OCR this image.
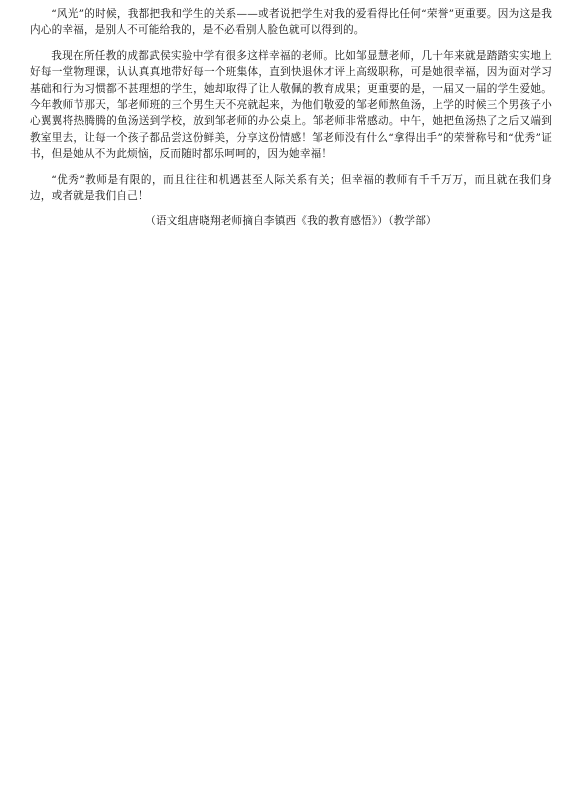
“风光”的时候，我都把我和学生的关系——或者说把学生对我的爱看得比任何“荣誉”更重要。因为这是我内心的幸福，是别人不可能给我的，是不必看别人脸色就可以得到的。

我现在所任教的成都武侯实验中学有很多这样幸福的老师。比如邹显慧老师，几十年来就是踏踏实实地上好每一堂物理课，认认真真地带好每一个班集体，直到快退休才评上高级职称，可是她很幸福，因为面对学习基础和行为习惯都不甚理想的学生，她却取得了让人敬佩的教育成果；更重要的是，一届又一届的学生爱她。今年教师节那天，邹老师班的三个男生天不亮就起来，为他们敬爱的邹老师熬鱼汤，上学的时候三个男孩子小心翼翼将热腾腾的鱼汤送到学校，放到邹老师的办公桌上。邹老师非常感动。中午，她把鱼汤热了之后又端到教室里去，让每一个孩子都品尝这份鲜美，分享这份情感！邹老师没有什么“拿得出手”的荣誉称号和“优秀”证书，但是她从不为此烦恼，反而随时都乐呵呵的，因为她幸福！

“优秀”教师是有限的，而且往往和机遇甚至人际关系有关；但幸福的教师有千千万万，而且就在我们身边，或者就是我们自己！

（语文组唐晓翔老师摘自李镇西《我的教育感悟》）（教学部）
